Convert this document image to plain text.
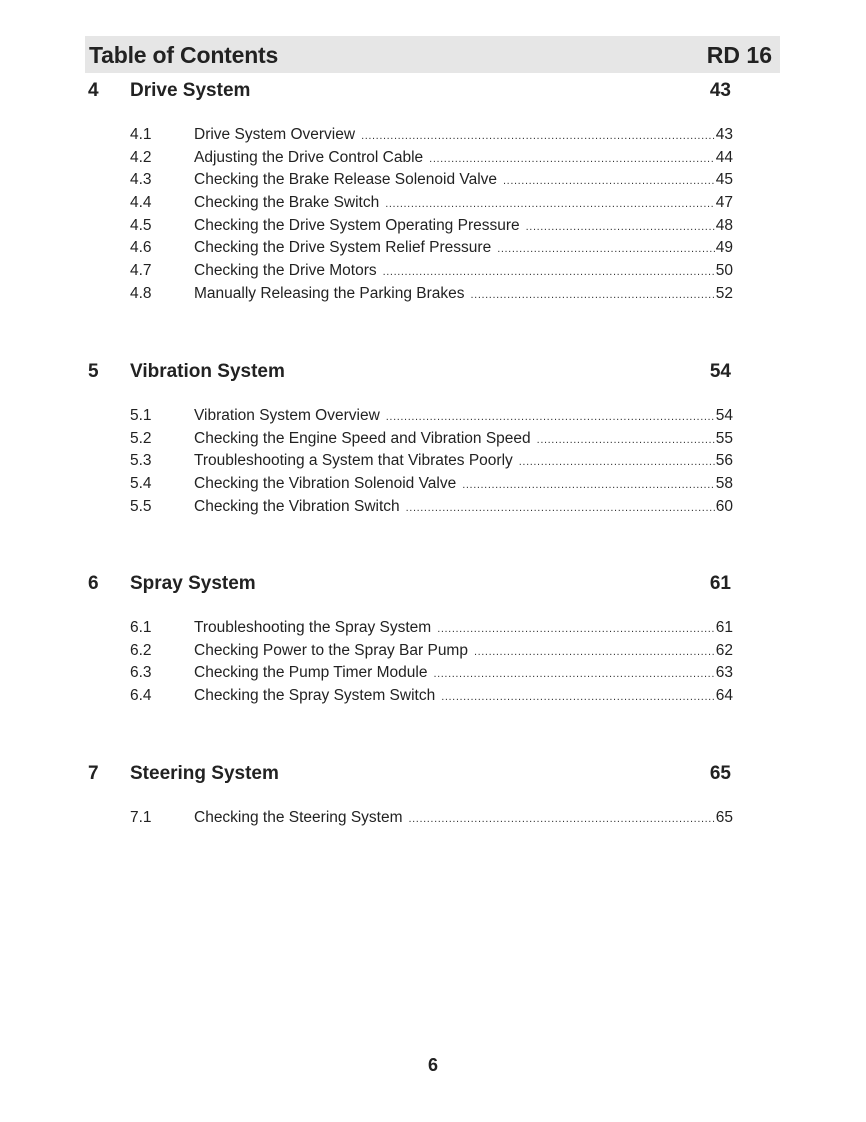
Table of Contents	RD 16
4 Drive System	43
4.1	Drive System Overview .....	43
4.2	Adjusting the Drive Control Cable .....	44
4.3	Checking the Brake Release Solenoid Valve .....	45
4.4	Checking the Brake Switch .....	47
4.5	Checking the Drive System Operating Pressure .....	48
4.6	Checking the Drive System Relief Pressure .....	49
4.7	Checking the Drive Motors .....	50
4.8	Manually Releasing the Parking Brakes .....	52
5 Vibration System	54
5.1	Vibration System Overview .....	54
5.2	Checking the Engine Speed and Vibration Speed .....	55
5.3	Troubleshooting a System that Vibrates Poorly .....	56
5.4	Checking the Vibration Solenoid Valve .....	58
5.5	Checking the Vibration Switch .....	60
6 Spray System	61
6.1	Troubleshooting the Spray System .....	61
6.2	Checking Power to the Spray Bar Pump .....	62
6.3	Checking the Pump Timer Module .....	63
6.4	Checking the Spray System Switch .....	64
7 Steering System	65
7.1	Checking the Steering System .....	65
6
